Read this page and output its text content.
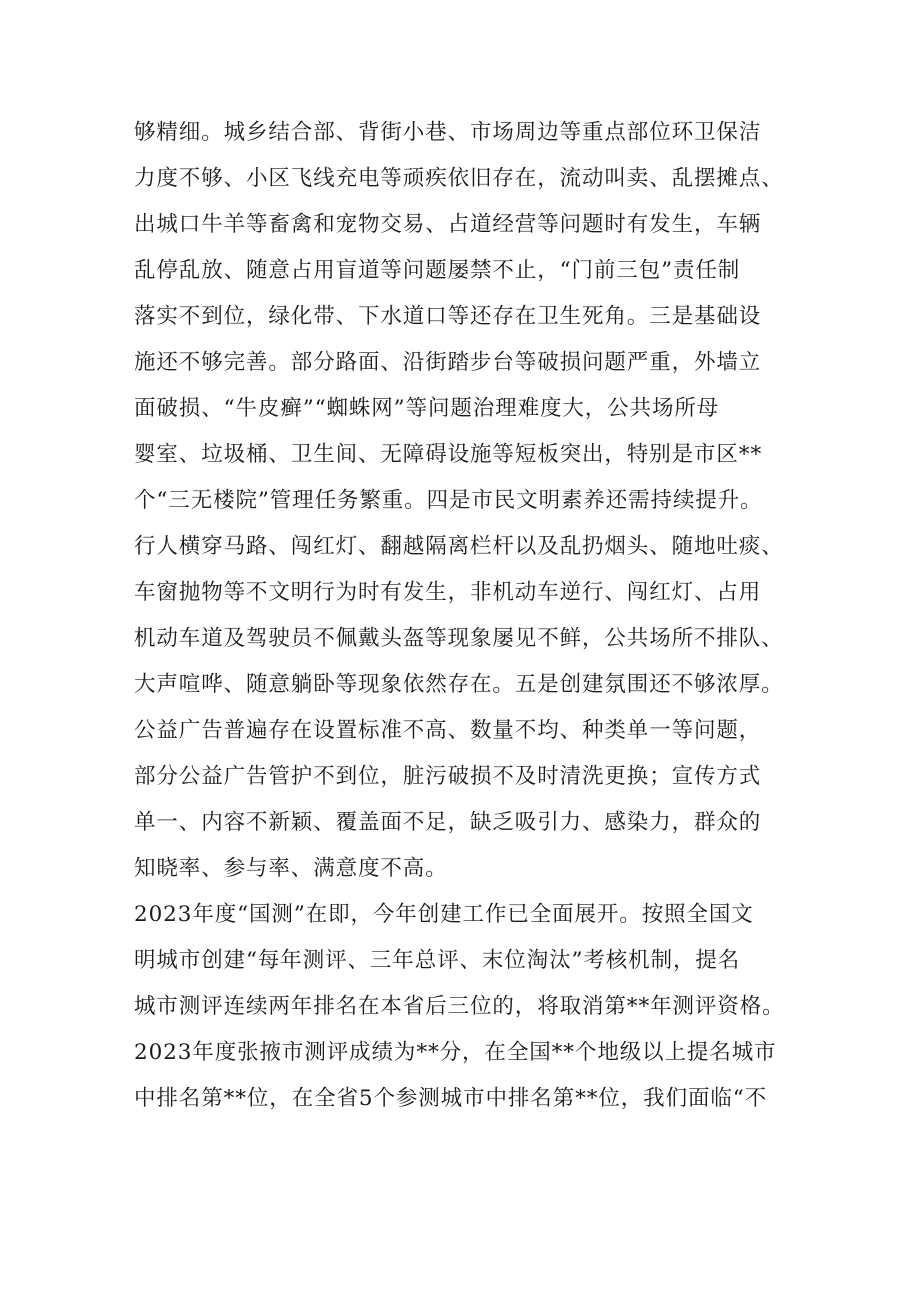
够精细。城乡结合部、背街小巷、市场周边等重点部位环卫保洁
力度不够、小区飞线充电等顽疾依旧存在，流动叫卖、乱摆摊点、
出城口牛羊等畜禽和宠物交易、占道经营等问题时有发生，车辆
乱停乱放、随意占用盲道等问题屡禁不止，“门前三包”责任制
落实不到位，绿化带、下水道口等还存在卫生死角。三是基础设
施还不够完善。部分路面、沿街踏步台等破损问题严重，外墙立
面破损、“牛皮癣”“蜘蛛网”等问题治理难度大，公共场所母
婴室、垃圾桶、卫生间、无障碍设施等短板突出，特别是市区**
个“三无楼院”管理任务繁重。四是市民文明素养还需持续提升。
行人横穿马路、闯红灯、翻越隔离栏杆以及乱扔烟头、随地吐痰、
车窗抛物等不文明行为时有发生，非机动车逆行、闯红灯、占用
机动车道及驾驶员不佩戴头盔等现象屡见不鲜，公共场所不排队、
大声喧哗、随意躺卧等现象依然存在。五是创建氛围还不够浓厚。
公益广告普遍存在设置标准不高、数量不均、种类单一等问题，
部分公益广告管护不到位，脏污破损不及时清洗更换；宣传方式
单一、内容不新颖、覆盖面不足，缺乏吸引力、感染力，群众的
知晓率、参与率、满意度不高。
2023年度“国测”在即，今年创建工作已全面展开。按照全国文
明城市创建“每年测评、三年总评、末位淘汰”考核机制，提名
城市测评连续两年排名在本省后三位的，将取消第**年测评资格。
2023年度张掖市测评成绩为**分，在全国**个地级以上提名城市
中排名第**位，在全省5个参测城市中排名第**位，我们面临“不
